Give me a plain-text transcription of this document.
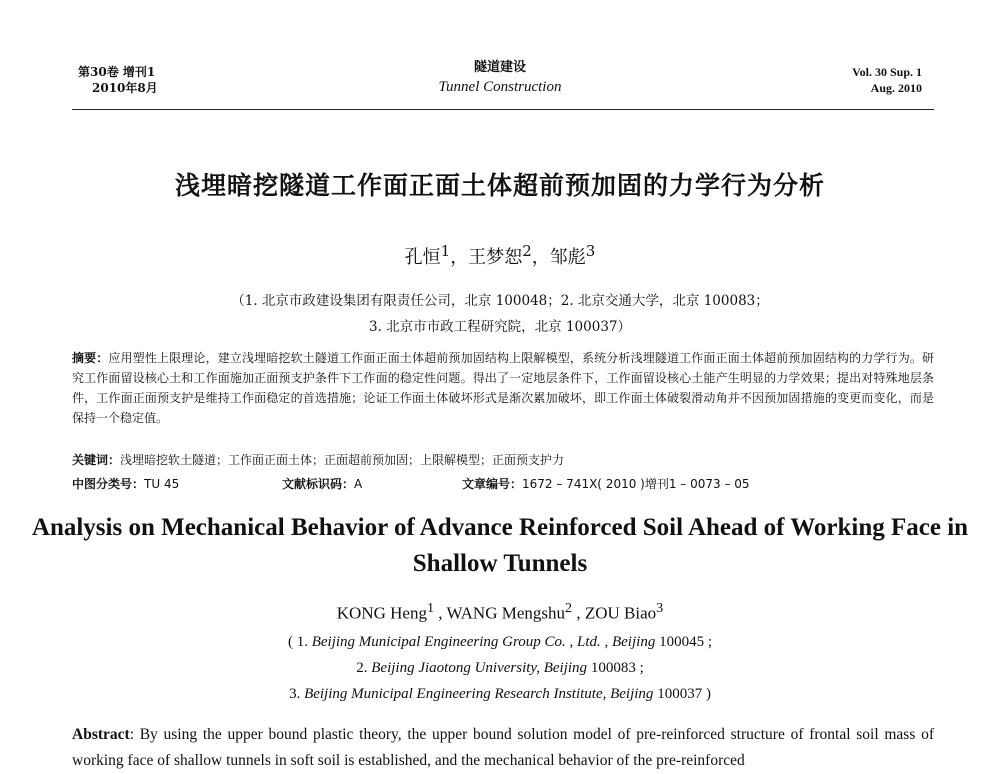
第30卷 增刊1
2010年8月
隧道建设
Tunnel Construction
Vol. 30 Sup. 1
Aug. 2010
浅埋暗挖隧道工作面正面土体超前预加固的力学行为分析
孔恒$^1$，王梦恕$^2$，邹彪$^3$
（1. 北京市政建设集团有限责任公司，北京 100048；2. 北京交通大学，北京 100083；
3. 北京市市政工程研究院，北京 100037）
摘要：应用塑性上限理论，建立浅埋暗挖软土隧道工作面正面土体超前预加固结构上限解模型，系统分析浅埋隧道工作面正面土体超前预加固结构的力学行为。研究工作面留设核心土和工作面施加正面预支护条件下工作面的稳定性问题。得出了一定地层条件下，工作面留设核心土能产生明显的力学效果；提出对特殊地层条件，工作面正面预支护是维持工作面稳定的首选措施；论证工作面土体破坏形式是渐次累加破坏，即工作面土体破裂滑动角并不因预加固措施的变更而变化，而是保持一个稳定值。
关键词：浅埋暗挖软土隧道；工作面正面土体；正面超前预加固；上限解模型；正面预支护力
中图分类号：TU 45	文献标识码：A	文章编号：1672 – 741X( 2010 )增刊1 – 0073 – 05
Analysis on Mechanical Behavior of Advance Reinforced Soil Ahead of Working Face in Shallow Tunnels
KONG Heng$^1$ , WANG Mengshu$^2$ , ZOU Biao$^3$
( 1. Beijing Municipal Engineering Group Co. , Ltd. , Beijing 100045 ;
2. Beijing Jiaotong University, Beijing 100083 ;
3. Beijing Municipal Engineering Research Institute, Beijing 100037 )
Abstract: By using the upper bound plastic theory, the upper bound solution model of pre-reinforced structure of frontal soil mass of working face of shallow tunnels in soft soil is established, and the mechanical behavior of the pre-reinforced
